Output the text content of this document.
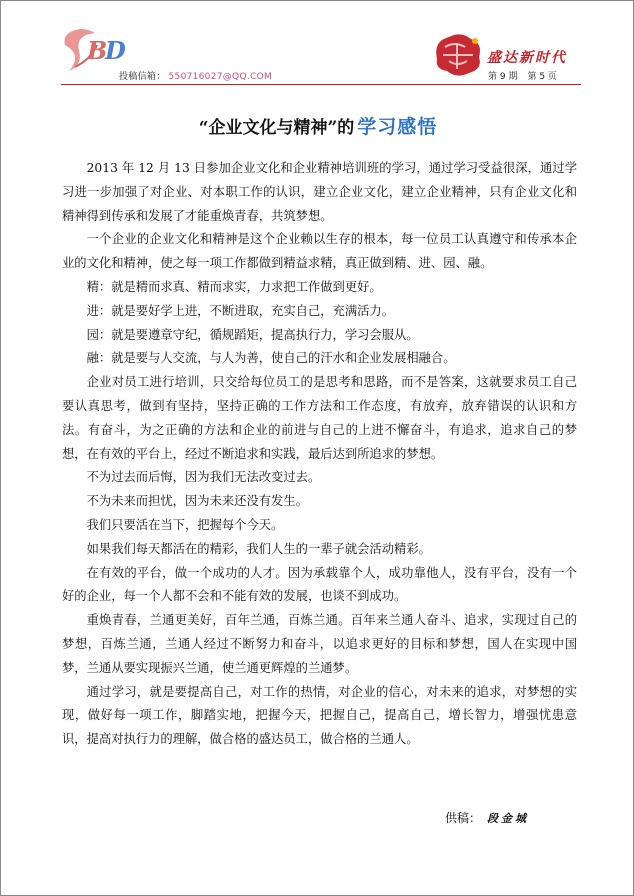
B
D
投稿信箱： 550716027@QQ.COM
盛达新时代
第 9 期 第 5 页
“企业文化与精神”的 学习感悟

2013 年 12 月 13 日参加企业文化和企业精神培训班的学习，通过学习受益很深，通过学习进一步加强了对企业、对本职工作的认识，建立企业文化，建立企业精神，只有企业文化和精神得到传承和发展了才能重焕青春，共筑梦想。

一个企业的企业文化和精神是这个企业赖以生存的根本，每一位员工认真遵守和传承本企业的文化和精神，使之每一项工作都做到精益求精，真正做到精、进、园、融。

精：就是精而求真、精而求实，力求把工作做到更好。

进：就是要好学上进，不断进取，充实自己，充满活力。

园：就是要遵章守纪，循规蹈矩，提高执行力，学习会服从。

融：就是要与人交流，与人为善，使自己的汗水和企业发展相融合。

企业对员工进行培训，只交给每位员工的是思考和思路，而不是答案，这就要求员工自己要认真思考，做到有坚持，坚持正确的工作方法和工作态度，有放弃，放弃错误的认识和方法。有奋斗，为之正确的方法和企业的前进与自己的上进不懈奋斗，有追求，追求自己的梦想，在有效的平台上，经过不断追求和实践，最后达到所追求的梦想。

不为过去而后悔，因为我们无法改变过去。

不为未来而担忧，因为未来还没有发生。

我们只要活在当下，把握每个今天。

如果我们每天都活在的精彩，我们人生的一辈子就会活动精彩。

在有效的平台，做一个成功的人才。因为承载靠个人，成功靠他人，没有平台，没有一个好的企业，每一个人都不会和不能有效的发展，也谈不到成功。

重焕青春，兰通更美好，百年兰通，百炼兰通。百年来兰通人奋斗、追求，实现过自己的梦想，百炼兰通，兰通人经过不断努力和奋斗，以追求更好的目标和梦想，国人在实现中国梦，兰通从要实现振兴兰通，使兰通更辉煌的兰通梦。

通过学习，就是要提高自己，对工作的热情，对企业的信心，对未来的追求，对梦想的实现，做好每一项工作，脚踏实地，把握今天，把握自己，提高自己，增长智力，增强忧患意识，提高对执行力的理解，做合格的盛达员工，做合格的兰通人。

供稿： 段金城
